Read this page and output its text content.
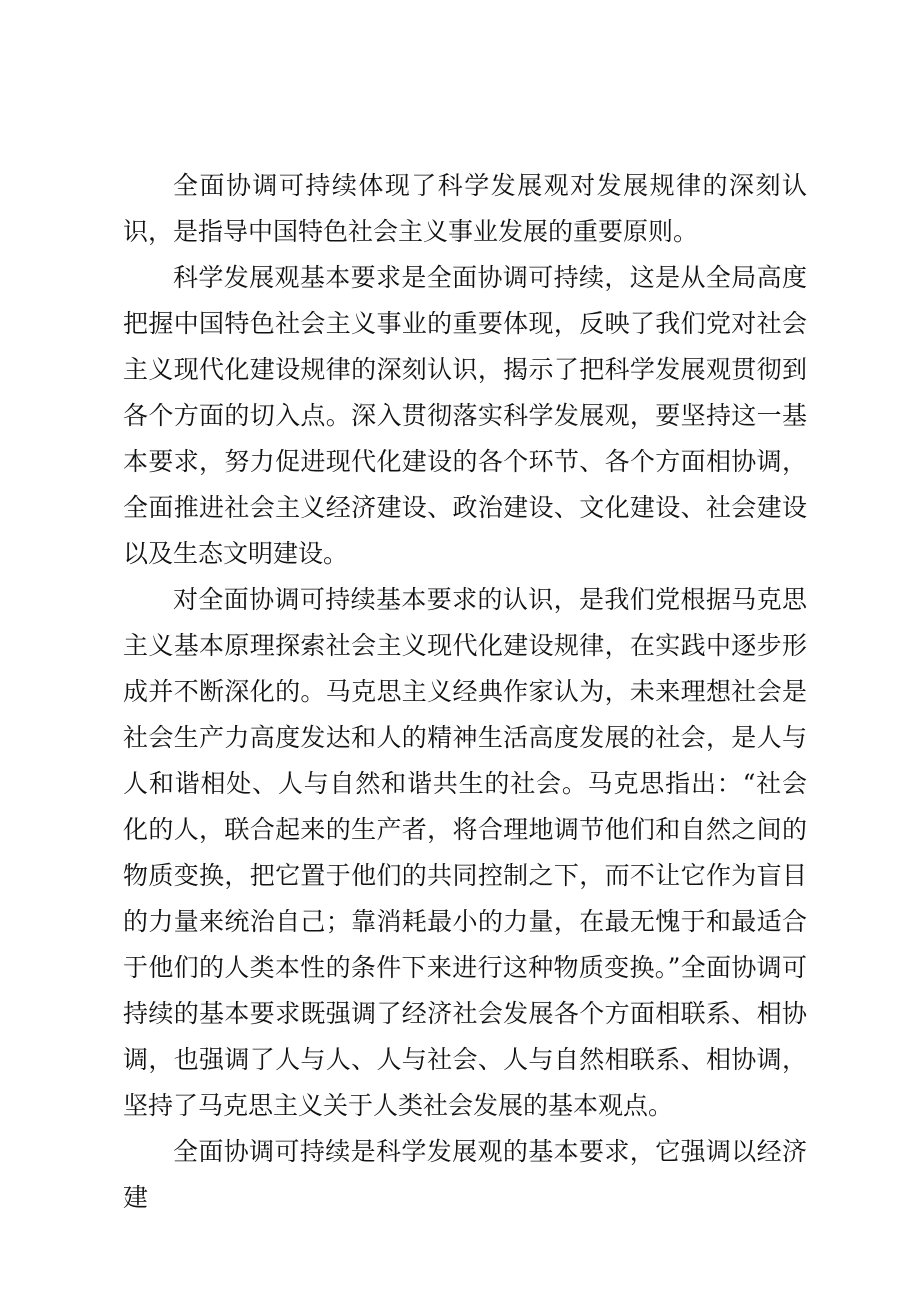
全面协调可持续体现了科学发展观对发展规律的深刻认识，是指导中国特色社会主义事业发展的重要原则。

科学发展观基本要求是全面协调可持续，这是从全局高度把握中国特色社会主义事业的重要体现，反映了我们党对社会主义现代化建设规律的深刻认识，揭示了把科学发展观贯彻到各个方面的切入点。深入贯彻落实科学发展观，要坚持这一基本要求，努力促进现代化建设的各个环节、各个方面相协调，全面推进社会主义经济建设、政治建设、文化建设、社会建设以及生态文明建设。

对全面协调可持续基本要求的认识，是我们党根据马克思主义基本原理探索社会主义现代化建设规律，在实践中逐步形成并不断深化的。马克思主义经典作家认为，未来理想社会是社会生产力高度发达和人的精神生活高度发展的社会，是人与人和谐相处、人与自然和谐共生的社会。马克思指出：“社会化的人，联合起来的生产者，将合理地调节他们和自然之间的物质变换，把它置于他们的共同控制之下，而不让它作为盲目的力量来统治自己；靠消耗最小的力量，在最无愧于和最适合于他们的人类本性的条件下来进行这种物质变换。”全面协调可持续的基本要求既强调了经济社会发展各个方面相联系、相协调，也强调了人与人、人与社会、人与自然相联系、相协调，坚持了马克思主义关于人类社会发展的基本观点。

全面协调可持续是科学发展观的基本要求，它强调以经济建
